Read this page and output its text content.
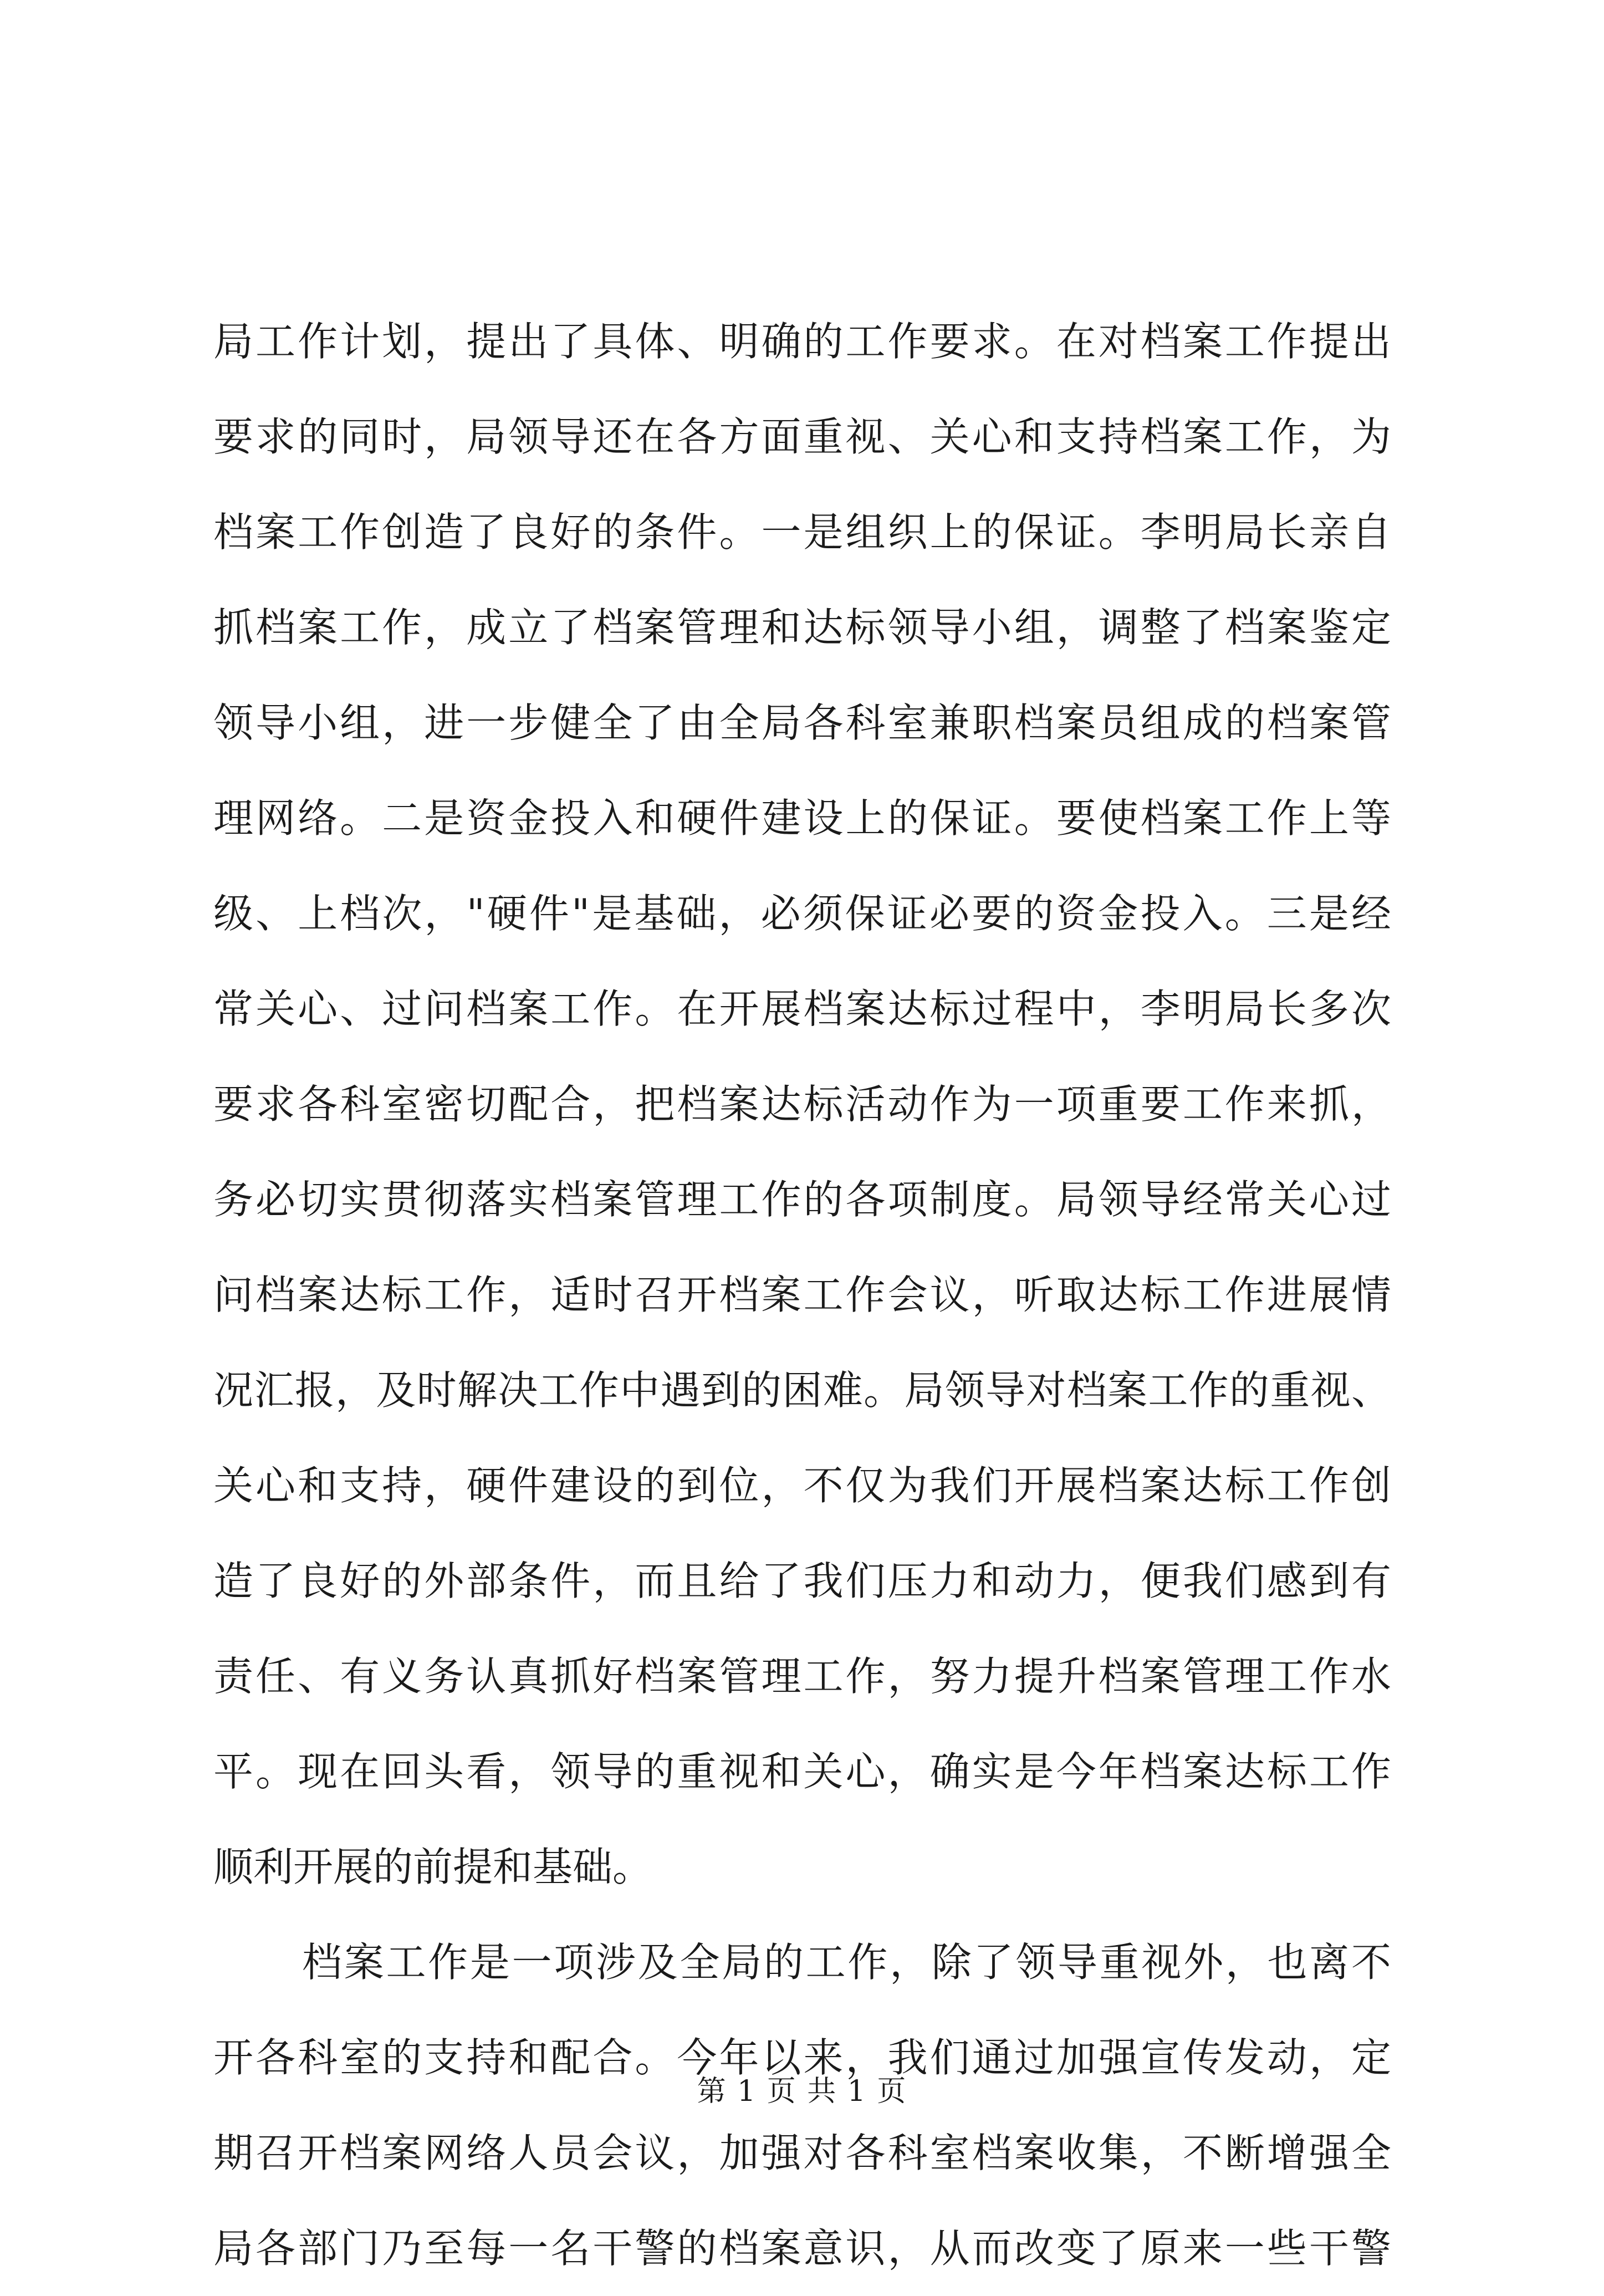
局工作计划，提出了具体、明确的工作要求。在对档案工作提出
要求的同时，局领导还在各方面重视、关心和支持档案工作，为
档案工作创造了良好的条件。一是组织上的保证。李明局长亲自
抓档案工作，成立了档案管理和达标领导小组，调整了档案鉴定
领导小组，进一步健全了由全局各科室兼职档案员组成的档案管
理网络。二是资金投入和硬件建设上的保证。要使档案工作上等
级、上档次，"硬件"是基础，必须保证必要的资金投入。三是经
常关心、过问档案工作。在开展档案达标过程中，李明局长多次
要求各科室密切配合，把档案达标活动作为一项重要工作来抓，
务必切实贯彻落实档案管理工作的各项制度。局领导经常关心过
问档案达标工作，适时召开档案工作会议，听取达标工作进展情
况汇报，及时解决工作中遇到的困难。局领导对档案工作的重视、
关心和支持，硬件建设的到位，不仅为我们开展档案达标工作创
造了良好的外部条件，而且给了我们压力和动力，便我们感到有
责任、有义务认真抓好档案管理工作，努力提升档案管理工作水
平。现在回头看，领导的重视和关心，确实是今年档案达标工作
顺利开展的前提和基础。
档案工作是一项涉及全局的工作，除了领导重视外，也离不
开各科室的支持和配合。今年以来，我们通过加强宣传发动，定
期召开档案网络人员会议，加强对各科室档案收集，不断增强全
局各部门乃至每一名干警的档案意识，从而改变了原来一些干警
第 1 页 共 1 页
